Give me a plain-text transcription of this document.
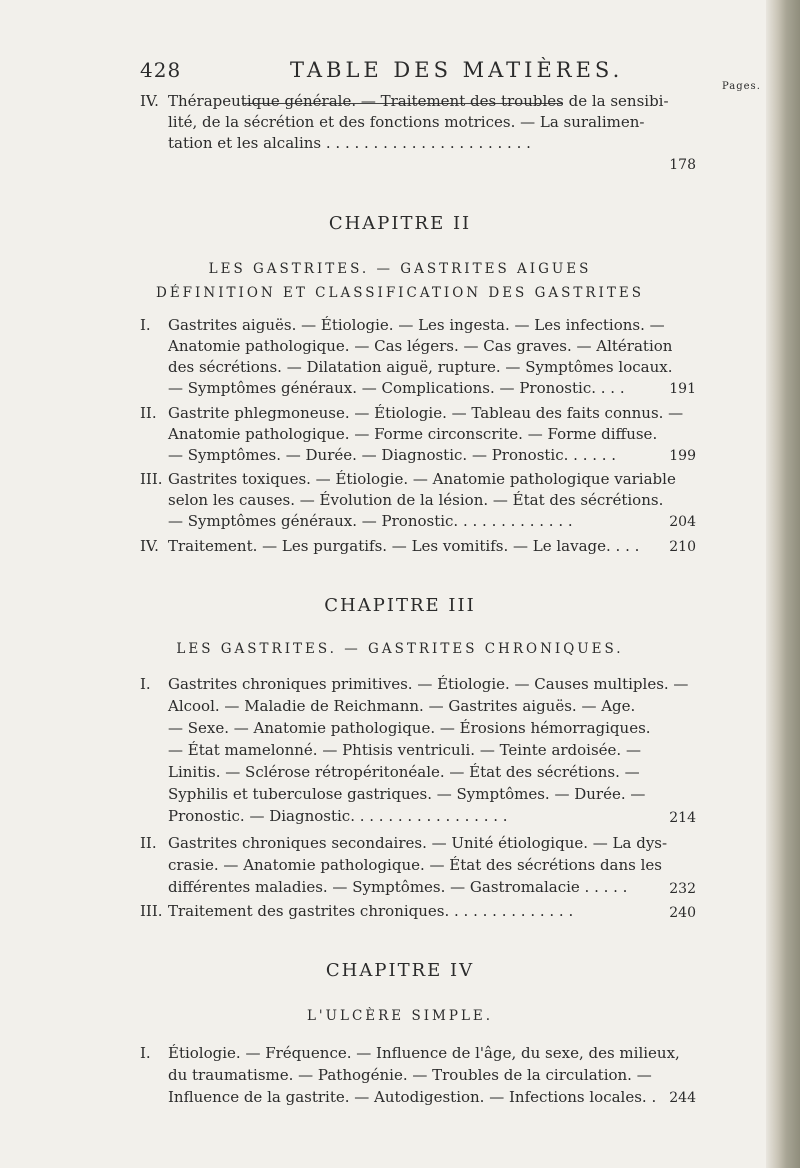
428	TABLE DES MATIÈRES.
Pages.
IV. Thérapeutique générale. — Traitement des troubles de la sensibi-
lité, de la sécrétion et des fonctions motrices. — La suralimen-
tation et les alcalins . . . . . . . . . . . . . . . . . . . . . .
178
CHAPITRE II
LES GASTRITES. — GASTRITES AIGUES
DÉFINITION ET CLASSIFICATION DES GASTRITES
I. Gastrites aiguës. — Étiologie. — Les ingesta. — Les infections. —
Anatomie pathologique. — Cas légers. — Cas graves. — Altération
des sécrétions. — Dilatation aiguë, rupture. — Symptômes locaux.
— Symptômes généraux. — Complications. — Pronostic. . . .	191
II. Gastrite phlegmoneuse. — Étiologie. — Tableau des faits connus. —
Anatomie pathologique. — Forme circonscrite. — Forme diffuse.
— Symptômes. — Durée. — Diagnostic. — Pronostic. . . . . .	199
III. Gastrites toxiques. — Étiologie. — Anatomie pathologique variable
selon les causes. — Évolution de la lésion. — État des sécrétions.
— Symptômes généraux. — Pronostic. . . . . . . . . . . . .	204
IV. Traitement. — Les purgatifs. — Les vomitifs. — Le lavage. . . . 210
CHAPITRE III
LES GASTRITES. — GASTRITES CHRONIQUES.
I. Gastrites chroniques primitives. — Étiologie. — Causes multiples. —
Alcool. — Maladie de Reichmann. — Gastrites aiguës. — Age.
— Sexe. — Anatomie pathologique. — Érosions hémorragiques.
— État mamelonné. — Phtisis ventriculi. — Teinte ardoisée. —
Linitis. — Sclérose rétropéritonéale. — État des sécrétions. —
Syphilis et tuberculose gastriques. — Symptômes. — Durée. —
Pronostic. — Diagnostic. . . . . . . . . . . . . . . . .	214
II. Gastrites chroniques secondaires. — Unité étiologique. — La dys-
crasie. — Anatomie pathologique. — État des sécrétions dans les
différentes maladies. — Symptômes. — Gastromalacie . . . . .	232
III. Traitement des gastrites chroniques. . . . . . . . . . . . . .	240
CHAPITRE IV
L'ULCÈRE SIMPLE.
I. Étiologie. — Fréquence. — Influence de l'âge, du sexe, des milieux,
du traumatisme. — Pathogénie. — Troubles de la circulation. —
Influence de la gastrite. — Autodigestion. — Infections locales. . 244
